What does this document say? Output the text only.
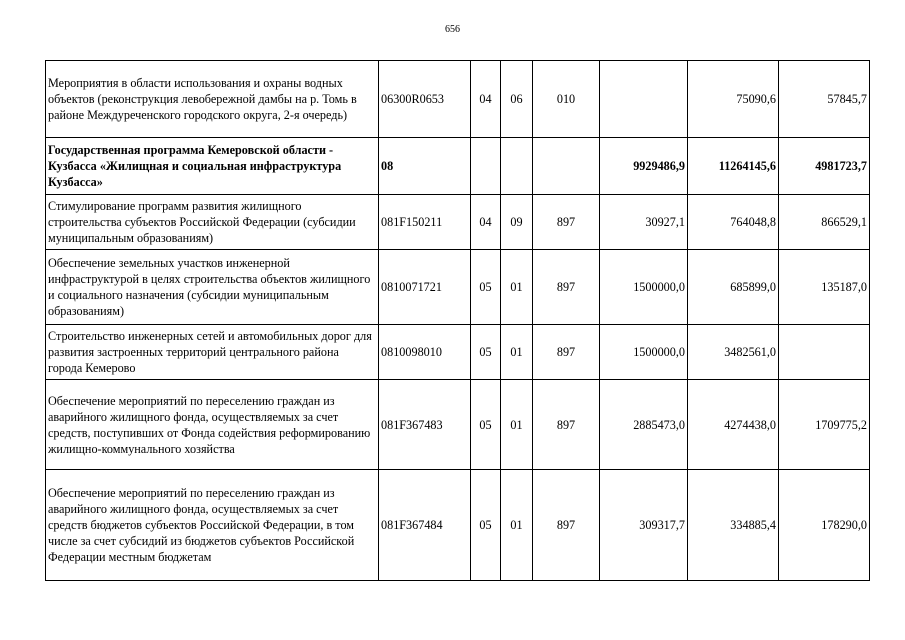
656
Мероприятия в области использования и охраны водных объектов (реконструкция левобережной дамбы на р. Томь в районе Междуреченского городского округа, 2-я очередь)	06300R0653	04	06	010		75090,6	57845,7
Государственная программа Кемеровской области - Кузбасса «Жилищная и социальная инфраструктура Кузбасса»	08				9929486,9	11264145,6	4981723,7
Стимулирование программ развития жилищного строительства субъектов Российской Федерации (субсидии муниципальным образованиям)	081F150211	04	09	897	30927,1	764048,8	866529,1
Обеспечение земельных участков инженерной инфраструктурой в целях строительства объектов жилищного и социального назначения (субсидии муниципальным образованиям)	0810071721	05	01	897	1500000,0	685899,0	135187,0
Строительство инженерных сетей и автомобильных дорог для развития застроенных территорий центрального района города Кемерово	0810098010	05	01	897	1500000,0	3482561,0	
Обеспечение мероприятий по переселению граждан из аварийного жилищного фонда, осуществляемых за счет средств, поступивших от Фонда содействия реформированию жилищно-коммунального хозяйства	081F367483	05	01	897	2885473,0	4274438,0	1709775,2
Обеспечение мероприятий по переселению граждан из аварийного жилищного фонда, осуществляемых за счет средств бюджетов субъектов Российской Федерации, в том числе за счет субсидий из бюджетов субъектов Российской Федерации местным бюджетам	081F367484	05	01	897	309317,7	334885,4	178290,0
